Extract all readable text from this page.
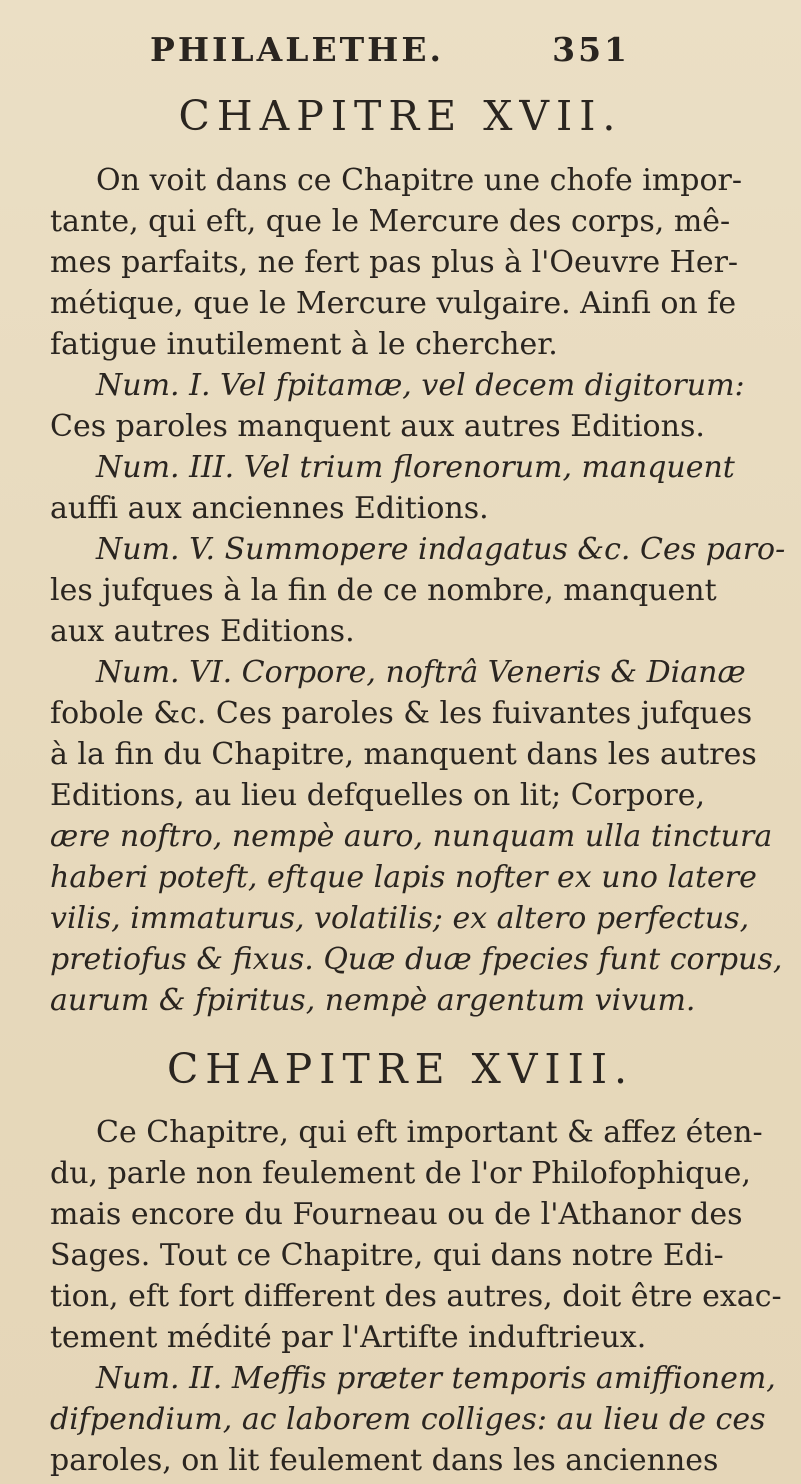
PHILALETHE.	351
CHAPITRE XVII.
On voit dans ce Chapitre une chofe impor-
tante, qui eft, que le Mercure des corps, mê-
mes parfaits, ne fert pas plus à l'Oeuvre Her-
métique, que le Mercure vulgaire. Ainfi on fe
fatigue inutilement à le chercher.
Num. I. Vel fpitamæ, vel decem digitorum:
Ces paroles manquent aux autres Editions.
Num. III. Vel trium florenorum, manquent
auffi aux anciennes Editions.
Num. V. Summopere indagatus &c. Ces paro-
les jufques à la fin de ce nombre, manquent
aux autres Editions.
Num. VI. Corpore, noftrâ Veneris & Dianæ
fobole &c. Ces paroles & les fuivantes jufques
à la fin du Chapitre, manquent dans les autres
Editions, au lieu defquelles on lit; Corpore,
ære noftro, nempè auro, nunquam ulla tinctura
haberi poteft, eftque lapis nofter ex uno latere
vilis, immaturus, volatilis; ex altero perfectus,
pretiofus & fixus. Quæ duæ fpecies funt corpus,
aurum & fpiritus, nempè argentum vivum.
CHAPITRE XVIII.
Ce Chapitre, qui eft important & affez éten-
du, parle non feulement de l'or Philofophique,
mais encore du Fourneau ou de l'Athanor des
Sages. Tout ce Chapitre, qui dans notre Edi-
tion, eft fort different des autres, doit être exac-
tement médité par l'Artifte induftrieux.
Num. II. Meffis præter temporis amiffionem,
difpendium, ac laborem colliges: au lieu de ces
paroles, on lit feulement dans les anciennes
